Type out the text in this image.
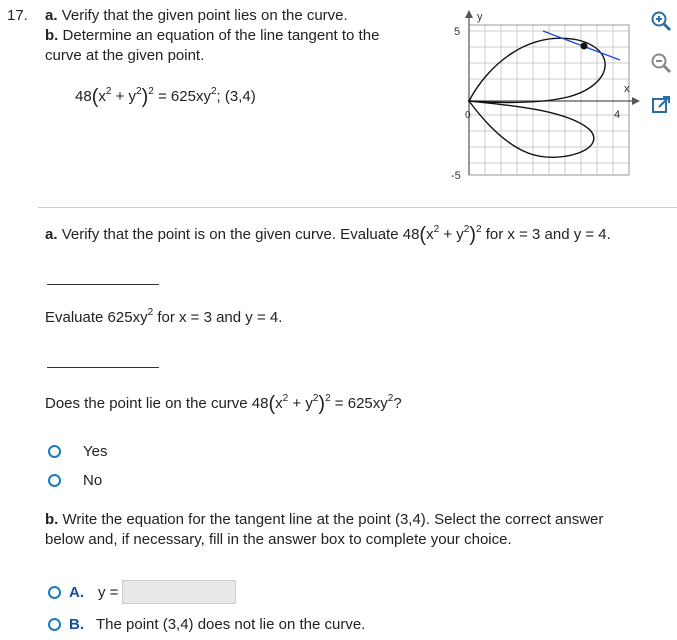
17. a. Verify that the given point lies on the curve.
b. Determine an equation of the line tangent to the
curve at the given point.
$48(x^2 + y^2)^2 = 625xy^2$; (3,4)
y
x
5
-5
4
0
a. Verify that the point is on the given curve. Evaluate $48(x^2 + y^2)^2$ for x = 3 and y = 4.
Evaluate $625xy^2$ for x = 3 and y = 4.
Does the point lie on the curve $48(x^2 + y^2)^2 = 625xy^2$?
Yes
No
b. Write the equation for the tangent line at the point (3,4). Select the correct answer
below and, if necessary, fill in the answer box to complete your choice.
A. y =
B. The point (3,4) does not lie on the curve.
